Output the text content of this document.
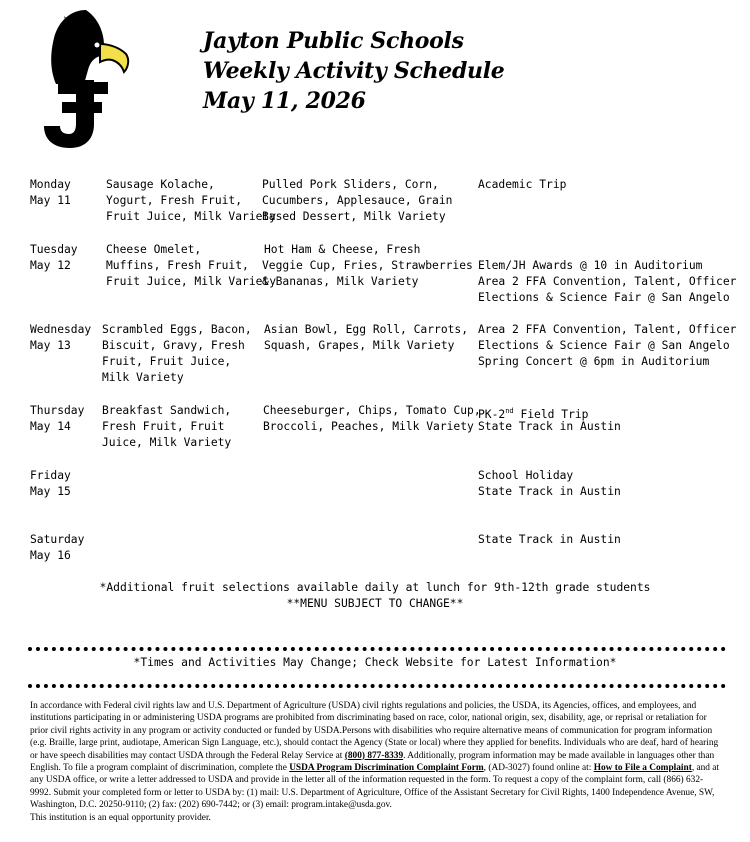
Jayton Public Schools
Weekly Activity Schedule
May 11, 2026
Monday
May 11
Sausage Kolache,
Yogurt, Fresh Fruit,
Fruit Juice, Milk Variety
Pulled Pork Sliders, Corn,
Cucumbers, Applesauce, Grain
Based Dessert, Milk Variety
Academic Trip
Tuesday
May 12
Cheese Omelet,
Muffins, Fresh Fruit,
Fruit Juice, Milk Variety
Hot Ham & Cheese, Fresh
Veggie Cup, Fries, Strawberries
& Bananas, Milk Variety
Elem/JH Awards @ 10 in Auditorium
Area 2 FFA Convention, Talent, Officer
Elections & Science Fair @ San Angelo
Wednesday
May 13
Scrambled Eggs, Bacon,
Biscuit, Gravy, Fresh
Fruit, Fruit Juice,
Milk Variety
Asian Bowl, Egg Roll, Carrots,
Squash, Grapes, Milk Variety
Area 2 FFA Convention, Talent, Officer
Elections & Science Fair @ San Angelo
Spring Concert @ 6pm in Auditorium
Thursday
May 14
Breakfast Sandwich,
Fresh Fruit, Fruit
Juice, Milk Variety
Cheeseburger, Chips, Tomato Cup,
Broccoli, Peaches, Milk Variety
PK-2nd Field Trip
State Track in Austin
Friday
May 15
School Holiday
State Track in Austin
Saturday
May 16
State Track in Austin
*Additional fruit selections available daily at lunch for 9th-12th grade students
**MENU SUBJECT TO CHANGE**
*Times and Activities May Change; Check Website for Latest Information*
In accordance with Federal civil rights law and U.S. Department of Agriculture (USDA) civil rights regulations and policies, the USDA, its Agencies, offices, and employees, and institutions participating in or administering USDA programs are prohibited from discriminating based on race, color, national origin, sex, disability, age, or reprisal or retaliation for prior civil rights activity in any program or activity conducted or funded by USDA.Persons with disabilities who require alternative means of communication for program information (e.g. Braille, large print, audiotape, American Sign Language, etc.), should contact the Agency (State or local) where they applied for benefits. Individuals who are deaf, hard of hearing or have speech disabilities may contact USDA through the Federal Relay Service at (800) 877-8339. Additionally, program information may be made available in languages other than English. To file a program complaint of discrimination, complete the USDA Program Discrimination Complaint Form, (AD-3027) found online at: How to File a Complaint, and at any USDA office, or write a letter addressed to USDA and provide in the letter all of the information requested in the form. To request a copy of the complaint form, call (866) 632-9992. Submit your completed form or letter to USDA by: (1) mail: U.S. Department of Agriculture, Office of the Assistant Secretary for Civil Rights, 1400 Independence Avenue, SW, Washington, D.C. 20250-9110; (2) fax: (202) 690-7442; or (3) email: program.intake@usda.gov.
This institution is an equal opportunity provider.
